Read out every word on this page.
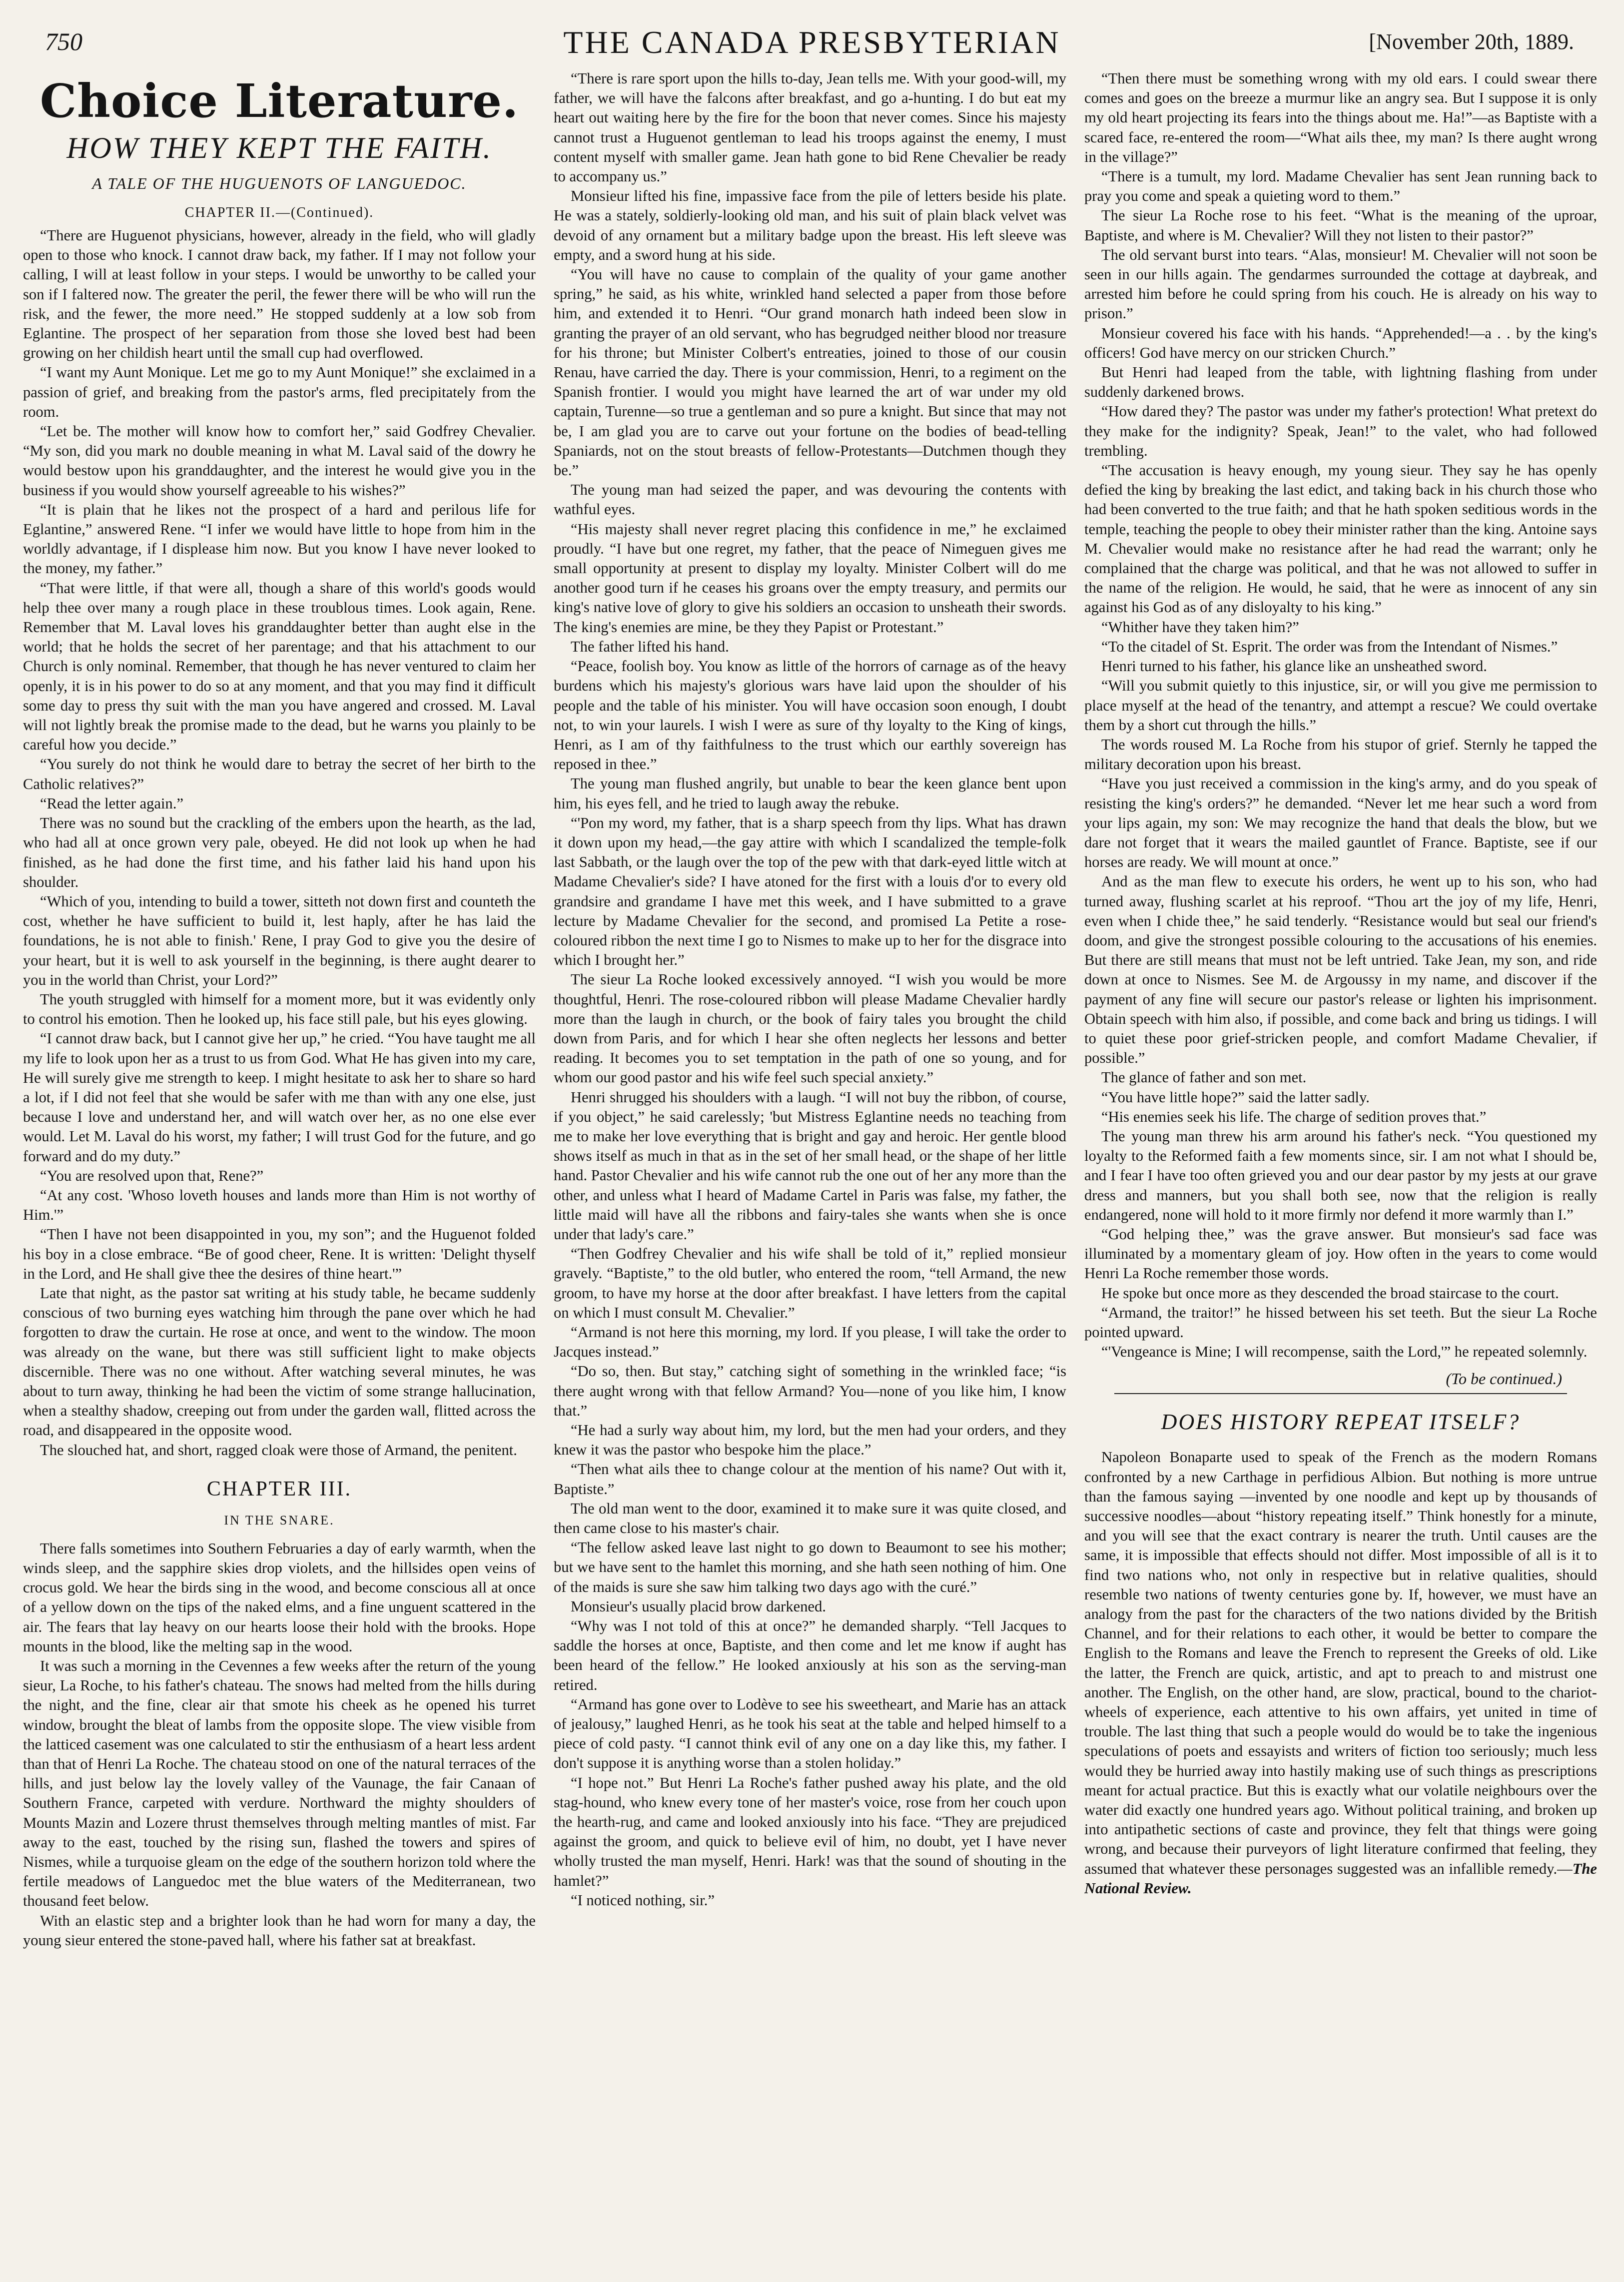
750	THE CANADA PRESBYTERIAN	[November 20th, 1889.
Choice Literature.
HOW THEY KEPT THE FAITH.
A TALE OF THE HUGUENOTS OF LANGUEDOC.
CHAPTER II.—(Continued).

“There are Huguenot physicians, however, already in the field, who will gladly open to those who knock. I cannot draw back, my father. If I may not follow your calling, I will at least follow in your steps. I would be unworthy to be called your son if I faltered now. The greater the peril, the fewer there will be who will run the risk, and the fewer, the more need.” He stopped suddenly at a low sob from Eglantine. The prospect of her separation from those she loved best had been growing on her childish heart until the small cup had overflowed.

“I want my Aunt Monique. Let me go to my Aunt Monique!” she exclaimed in a passion of grief, and breaking from the pastor's arms, fled precipitately from the room.

“Let be. The mother will know how to comfort her,” said Godfrey Chevalier. “My son, did you mark no double meaning in what M. Laval said of the dowry he would bestow upon his granddaughter, and the interest he would give you in the business if you would show yourself agreeable to his wishes?”

“It is plain that he likes not the prospect of a hard and perilous life for Eglantine,” answered Rene. “I infer we would have little to hope from him in the worldly advantage, if I displease him now. But you know I have never looked to the money, my father.”

“That were little, if that were all, though a share of this world's goods would help thee over many a rough place in these troublous times. Look again, Rene. Remember that M. Laval loves his granddaughter better than aught else in the world; that he holds the secret of her parentage; and that his attachment to our Church is only nominal. Remember, that though he has never ventured to claim her openly, it is in his power to do so at any moment, and that you may find it difficult some day to press thy suit with the man you have angered and crossed. M. Laval will not lightly break the promise made to the dead, but he warns you plainly to be careful how you decide.”

“You surely do not think he would dare to betray the secret of her birth to the Catholic relatives?”

“Read the letter again.”

There was no sound but the crackling of the embers upon the hearth, as the lad, who had all at once grown very pale, obeyed. He did not look up when he had finished, as he had done the first time, and his father laid his hand upon his shoulder.

“Which of you, intending to build a tower, sitteth not down first and counteth the cost, whether he have sufficient to build it, lest haply, after he has laid the foundations, he is not able to finish.' Rene, I pray God to give you the desire of your heart, but it is well to ask yourself in the beginning, is there aught dearer to you in the world than Christ, your Lord?”

The youth struggled with himself for a moment more, but it was evidently only to control his emotion. Then he looked up, his face still pale, but his eyes glowing.

“I cannot draw back, but I cannot give her up,” he cried. “You have taught me all my life to look upon her as a trust to us from God. What He has given into my care, He will surely give me strength to keep. I might hesitate to ask her to share so hard a lot, if I did not feel that she would be safer with me than with any one else, just because I love and understand her, and will watch over her, as no one else ever would. Let M. Laval do his worst, my father; I will trust God for the future, and go forward and do my duty.”

“You are resolved upon that, Rene?”

“At any cost. 'Whoso loveth houses and lands more than Him is not worthy of Him.'”

“Then I have not been disappointed in you, my son”; and the Huguenot folded his boy in a close embrace. “Be of good cheer, Rene. It is written: 'Delight thyself in the Lord, and He shall give thee the desires of thine heart.'”

Late that night, as the pastor sat writing at his study table, he became suddenly conscious of two burning eyes watching him through the pane over which he had forgotten to draw the curtain. He rose at once, and went to the window. The moon was already on the wane, but there was still sufficient light to make objects discernible. There was no one without. After watching several minutes, he was about to turn away, thinking he had been the victim of some strange hallucination, when a stealthy shadow, creeping out from under the garden wall, flitted across the road, and disappeared in the opposite wood.

The slouched hat, and short, ragged cloak were those of Armand, the penitent.

CHAPTER III.
IN THE SNARE.

There falls sometimes into Southern Februaries a day of early warmth, when the winds sleep, and the sapphire skies drop violets, and the hillsides open veins of crocus gold. We hear the birds sing in the wood, and become conscious all at once of a yellow down on the tips of the naked elms, and a fine unguent scattered in the air. The fears that lay heavy on our hearts loose their hold with the brooks. Hope mounts in the blood, like the melting sap in the wood.

It was such a morning in the Cevennes a few weeks after the return of the young sieur, La Roche, to his father's chateau. The snows had melted from the hills during the night, and the fine, clear air that smote his cheek as he opened his turret window, brought the bleat of lambs from the opposite slope. The view visible from the latticed casement was one calculated to stir the enthusiasm of a heart less ardent than that of Henri La Roche. The chateau stood on one of the natural terraces of the hills, and just below lay the lovely valley of the Vaunage, the fair Canaan of Southern France, carpeted with verdure. Northward the mighty shoulders of Mounts Mazin and Lozere thrust themselves through melting mantles of mist. Far away to the east, touched by the rising sun, flashed the towers and spires of Nismes, while a turquoise gleam on the edge of the southern horizon told where the fertile meadows of Languedoc met the blue waters of the Mediterranean, two thousand feet below.

With an elastic step and a brighter look than he had worn for many a day, the young sieur entered the stone-paved hall, where his father sat at breakfast.

“There is rare sport upon the hills to-day, Jean tells me. With your good-will, my father, we will have the falcons after breakfast, and go a-hunting. I do but eat my heart out waiting here by the fire for the boon that never comes. Since his majesty cannot trust a Huguenot gentleman to lead his troops against the enemy, I must content myself with smaller game. Jean hath gone to bid Rene Chevalier be ready to accompany us.”

Monsieur lifted his fine, impassive face from the pile of letters beside his plate. He was a stately, soldierly-looking old man, and his suit of plain black velvet was devoid of any ornament but a military badge upon the breast. His left sleeve was empty, and a sword hung at his side.

“You will have no cause to complain of the quality of your game another spring,” he said, as his white, wrinkled hand selected a paper from those before him, and extended it to Henri. “Our grand monarch hath indeed been slow in granting the prayer of an old servant, who has begrudged neither blood nor treasure for his throne; but Minister Colbert's entreaties, joined to those of our cousin Renau, have carried the day. There is your commission, Henri, to a regiment on the Spanish frontier. I would you might have learned the art of war under my old captain, Turenne—so true a gentleman and so pure a knight. But since that may not be, I am glad you are to carve out your fortune on the bodies of bead-telling Spaniards, not on the stout breasts of fellow-Protestants—Dutchmen though they be.”

The young man had seized the paper, and was devouring the contents with wathful eyes.

“His majesty shall never regret placing this confidence in me,” he exclaimed proudly. “I have but one regret, my father, that the peace of Nimeguen gives me small opportunity at present to display my loyalty. Minister Colbert will do me another good turn if he ceases his groans over the empty treasury, and permits our king's native love of glory to give his soldiers an occasion to unsheath their swords. The king's enemies are mine, be they they Papist or Protestant.”

The father lifted his hand.

“Peace, foolish boy. You know as little of the horrors of carnage as of the heavy burdens which his majesty's glorious wars have laid upon the shoulder of his people and the table of his minister. You will have occasion soon enough, I doubt not, to win your laurels. I wish I were as sure of thy loyalty to the King of kings, Henri, as I am of thy faithfulness to the trust which our earthly sovereign has reposed in thee.”

The young man flushed angrily, but unable to bear the keen glance bent upon him, his eyes fell, and he tried to laugh away the rebuke.

“'Pon my word, my father, that is a sharp speech from thy lips. What has drawn it down upon my head,—the gay attire with which I scandalized the temple-folk last Sabbath, or the laugh over the top of the pew with that dark-eyed little witch at Madame Chevalier's side? I have atoned for the first with a louis d'or to every old grandsire and grandame I have met this week, and I have submitted to a grave lecture by Madame Chevalier for the second, and promised La Petite a rose-coloured ribbon the next time I go to Nismes to make up to her for the disgrace into which I brought her.”

The sieur La Roche looked excessively annoyed. “I wish you would be more thoughtful, Henri. The rose-coloured ribbon will please Madame Chevalier hardly more than the laugh in church, or the book of fairy tales you brought the child down from Paris, and for which I hear she often neglects her lessons and better reading. It becomes you to set temptation in the path of one so young, and for whom our good pastor and his wife feel such special anxiety.”

Henri shrugged his shoulders with a laugh. “I will not buy the ribbon, of course, if you object,” he said carelessly; 'but Mistress Eglantine needs no teaching from me to make her love everything that is bright and gay and heroic. Her gentle blood shows itself as much in that as in the set of her small head, or the shape of her little hand. Pastor Chevalier and his wife cannot rub the one out of her any more than the other, and unless what I heard of Madame Cartel in Paris was false, my father, the little maid will have all the ribbons and fairy-tales she wants when she is once under that lady's care.”

“Then Godfrey Chevalier and his wife shall be told of it,” replied monsieur gravely. “Baptiste,” to the old butler, who entered the room, “tell Armand, the new groom, to have my horse at the door after breakfast. I have letters from the capital on which I must consult M. Chevalier.”

“Armand is not here this morning, my lord. If you please, I will take the order to Jacques instead.”

“Do so, then. But stay,” catching sight of something in the wrinkled face; “is there aught wrong with that fellow Armand? You—none of you like him, I know that.”

“He had a surly way about him, my lord, but the men had your orders, and they knew it was the pastor who bespoke him the place.”

“Then what ails thee to change colour at the mention of his name? Out with it, Baptiste.”

The old man went to the door, examined it to make sure it was quite closed, and then came close to his master's chair.

“The fellow asked leave last night to go down to Beaumont to see his mother; but we have sent to the hamlet this morning, and she hath seen nothing of him. One of the maids is sure she saw him talking two days ago with the curé.”

Monsieur's usually placid brow darkened.

“Why was I not told of this at once?” he demanded sharply. “Tell Jacques to saddle the horses at once, Baptiste, and then come and let me know if aught has been heard of the fellow.” He looked anxiously at his son as the serving-man retired.

“Armand has gone over to Lodève to see his sweetheart, and Marie has an attack of jealousy,” laughed Henri, as he took his seat at the table and helped himself to a piece of cold pasty. “I cannot think evil of any one on a day like this, my father. I don't suppose it is anything worse than a stolen holiday.”

“I hope not.” But Henri La Roche's father pushed away his plate, and the old stag-hound, who knew every tone of her master's voice, rose from her couch upon the hearth-rug, and came and looked anxiously into his face. “They are prejudiced against the groom, and quick to believe evil of him, no doubt, yet I have never wholly trusted the man myself, Henri. Hark! was that the sound of shouting in the hamlet?”

“I noticed nothing, sir.”

“Then there must be something wrong with my old ears. I could swear there comes and goes on the breeze a murmur like an angry sea. But I suppose it is only my old heart projecting its fears into the things about me. Ha!”—as Baptiste with a scared face, re-entered the room—“What ails thee, my man? Is there aught wrong in the village?”

“There is a tumult, my lord. Madame Chevalier has sent Jean running back to pray you come and speak a quieting word to them.”

The sieur La Roche rose to his feet. “What is the meaning of the uproar, Baptiste, and where is M. Chevalier? Will they not listen to their pastor?”

The old servant burst into tears. “Alas, monsieur! M. Chevalier will not soon be seen in our hills again. The gendarmes surrounded the cottage at daybreak, and arrested him before he could spring from his couch. He is already on his way to prison.”

Monsieur covered his face with his hands. “Apprehended!—a . . by the king's officers! God have mercy on our stricken Church.”

But Henri had leaped from the table, with lightning flashing from under suddenly darkened brows.

“How dared they? The pastor was under my father's protection! What pretext do they make for the indignity? Speak, Jean!” to the valet, who had followed trembling.

“The accusation is heavy enough, my young sieur. They say he has openly defied the king by breaking the last edict, and taking back in his church those who had been converted to the true faith; and that he hath spoken seditious words in the temple, teaching the people to obey their minister rather than the king. Antoine says M. Chevalier would make no resistance after he had read the warrant; only he complained that the charge was political, and that he was not allowed to suffer in the name of the religion. He would, he said, that he were as innocent of any sin against his God as of any disloyalty to his king.”

“Whither have they taken him?”

“To the citadel of St. Esprit. The order was from the Intendant of Nismes.”

Henri turned to his father, his glance like an unsheathed sword.

“Will you submit quietly to this injustice, sir, or will you give me permission to place myself at the head of the tenantry, and attempt a rescue? We could overtake them by a short cut through the hills.”

The words roused M. La Roche from his stupor of grief. Sternly he tapped the military decoration upon his breast.

“Have you just received a commission in the king's army, and do you speak of resisting the king's orders?” he demanded. “Never let me hear such a word from your lips again, my son: We may recognize the hand that deals the blow, but we dare not forget that it wears the mailed gauntlet of France. Baptiste, see if our horses are ready. We will mount at once.”

And as the man flew to execute his orders, he went up to his son, who had turned away, flushing scarlet at his reproof. “Thou art the joy of my life, Henri, even when I chide thee,” he said tenderly. “Resistance would but seal our friend's doom, and give the strongest possible colouring to the accusations of his enemies. But there are still means that must not be left untried. Take Jean, my son, and ride down at once to Nismes. See M. de Argoussy in my name, and discover if the payment of any fine will secure our pastor's release or lighten his imprisonment. Obtain speech with him also, if possible, and come back and bring us tidings. I will to quiet these poor grief-stricken people, and comfort Madame Chevalier, if possible.”

The glance of father and son met.

“You have little hope?” said the latter sadly.

“His enemies seek his life. The charge of sedition proves that.”

The young man threw his arm around his father's neck. “You questioned my loyalty to the Reformed faith a few moments since, sir. I am not what I should be, and I fear I have too often grieved you and our dear pastor by my jests at our grave dress and manners, but you shall both see, now that the religion is really endangered, none will hold to it more firmly nor defend it more warmly than I.”

“God helping thee,” was the grave answer. But monsieur's sad face was illuminated by a momentary gleam of joy. How often in the years to come would Henri La Roche remember those words.

He spoke but once more as they descended the broad staircase to the court.

“Armand, the traitor!” he hissed between his set teeth. But the sieur La Roche pointed upward.

“'Vengeance is Mine; I will recompense, saith the Lord,'” he repeated solemnly.

(To be continued.)
DOES HISTORY REPEAT ITSELF?

Napoleon Bonaparte used to speak of the French as the modern Romans confronted by a new Carthage in perfidious Albion. But nothing is more untrue than the famous saying —invented by one noodle and kept up by thousands of successive noodles—about “history repeating itself.” Think honestly for a minute, and you will see that the exact contrary is nearer the truth. Until causes are the same, it is impossible that effects should not differ. Most impossible of all is it to find two nations who, not only in respective but in relative qualities, should resemble two nations of twenty centuries gone by. If, however, we must have an analogy from the past for the characters of the two nations divided by the British Channel, and for their relations to each other, it would be better to compare the English to the Romans and leave the French to represent the Greeks of old. Like the latter, the French are quick, artistic, and apt to preach to and mistrust one another. The English, on the other hand, are slow, practical, bound to the chariot-wheels of experience, each attentive to his own affairs, yet united in time of trouble. The last thing that such a people would do would be to take the ingenious speculations of poets and essayists and writers of fiction too seriously; much less would they be hurried away into hastily making use of such things as prescriptions meant for actual practice. But this is exactly what our volatile neighbours over the water did exactly one hundred years ago. Without political training, and broken up into antipathetic sections of caste and province, they felt that things were going wrong, and because their purveyors of light literature confirmed that feeling, they assumed that whatever these personages suggested was an infallible remedy.—The National Review.
